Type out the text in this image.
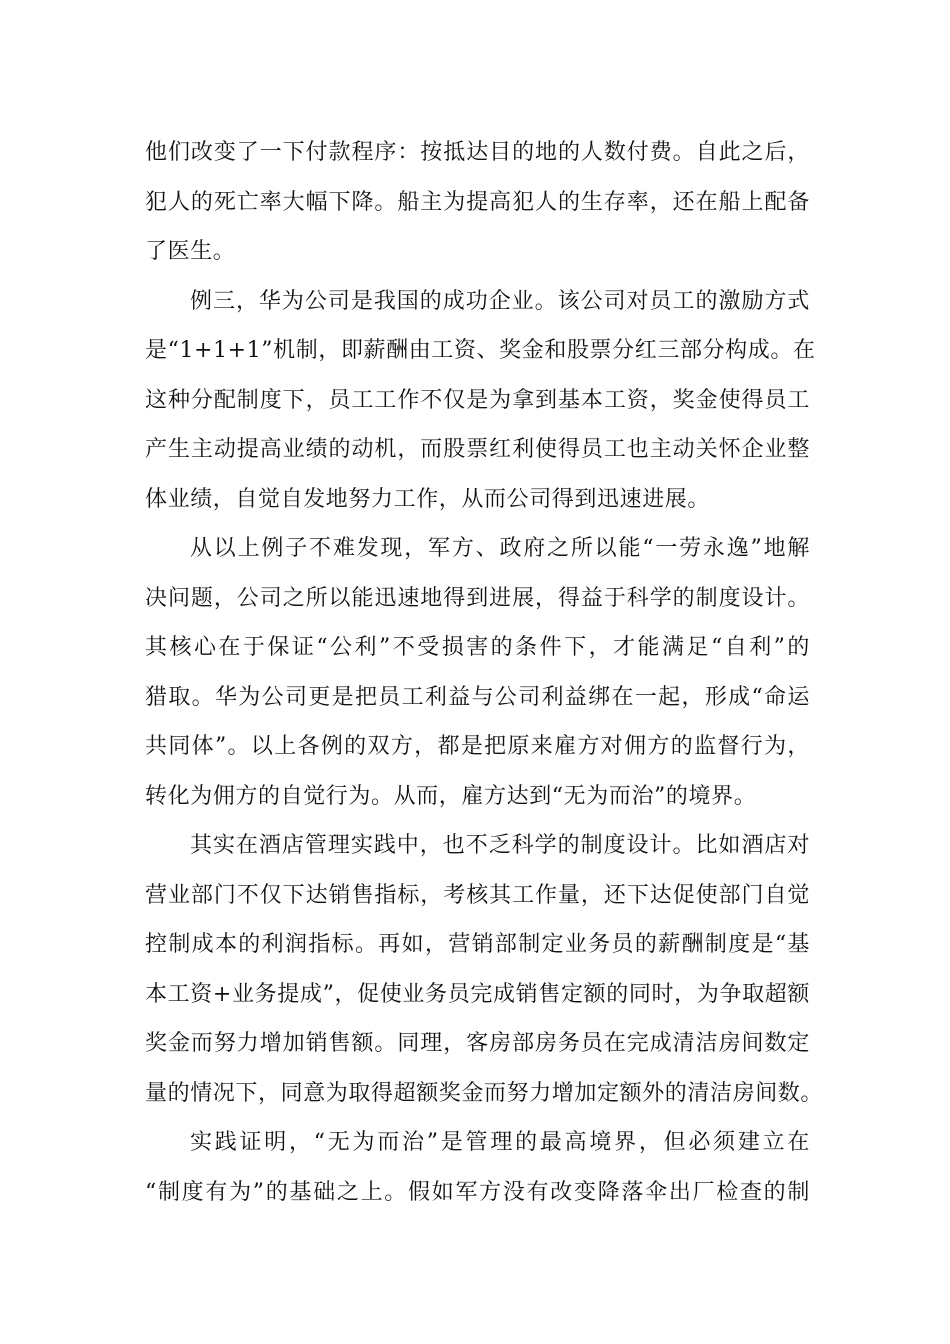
他们改变了一下付款程序：按抵达目的地的人数付费。自此之后，
犯人的死亡率大幅下降。船主为提高犯人的生存率，还在船上配备
了医生。
例三，华为公司是我国的成功企业。该公司对员工的激励方式
是“1+1+1”机制，即薪酬由工资、奖金和股票分红三部分构成。在
这种分配制度下，员工工作不仅是为拿到基本工资，奖金使得员工
产生主动提高业绩的动机，而股票红利使得员工也主动关怀企业整
体业绩，自觉自发地努力工作，从而公司得到迅速进展。
从以上例子不难发现，军方、政府之所以能“一劳永逸”地解
决问题，公司之所以能迅速地得到进展，得益于科学的制度设计。
其核心在于保证“公利”不受损害的条件下，才能满足“自利”的
猎取。华为公司更是把员工利益与公司利益绑在一起，形成“命运
共同体”。以上各例的双方，都是把原来雇方对佣方的监督行为，
转化为佣方的自觉行为。从而，雇方达到“无为而治”的境界。
其实在酒店管理实践中，也不乏科学的制度设计。比如酒店对
营业部门不仅下达销售指标，考核其工作量，还下达促使部门自觉
控制成本的利润指标。再如，营销部制定业务员的薪酬制度是“基
本工资+业务提成”，促使业务员完成销售定额的同时，为争取超额
奖金而努力增加销售额。同理，客房部房务员在完成清洁房间数定
量的情况下，同意为取得超额奖金而努力增加定额外的清洁房间数。
实践证明，“无为而治”是管理的最高境界，但必须建立在
“制度有为”的基础之上。假如军方没有改变降落伞出厂检查的制
